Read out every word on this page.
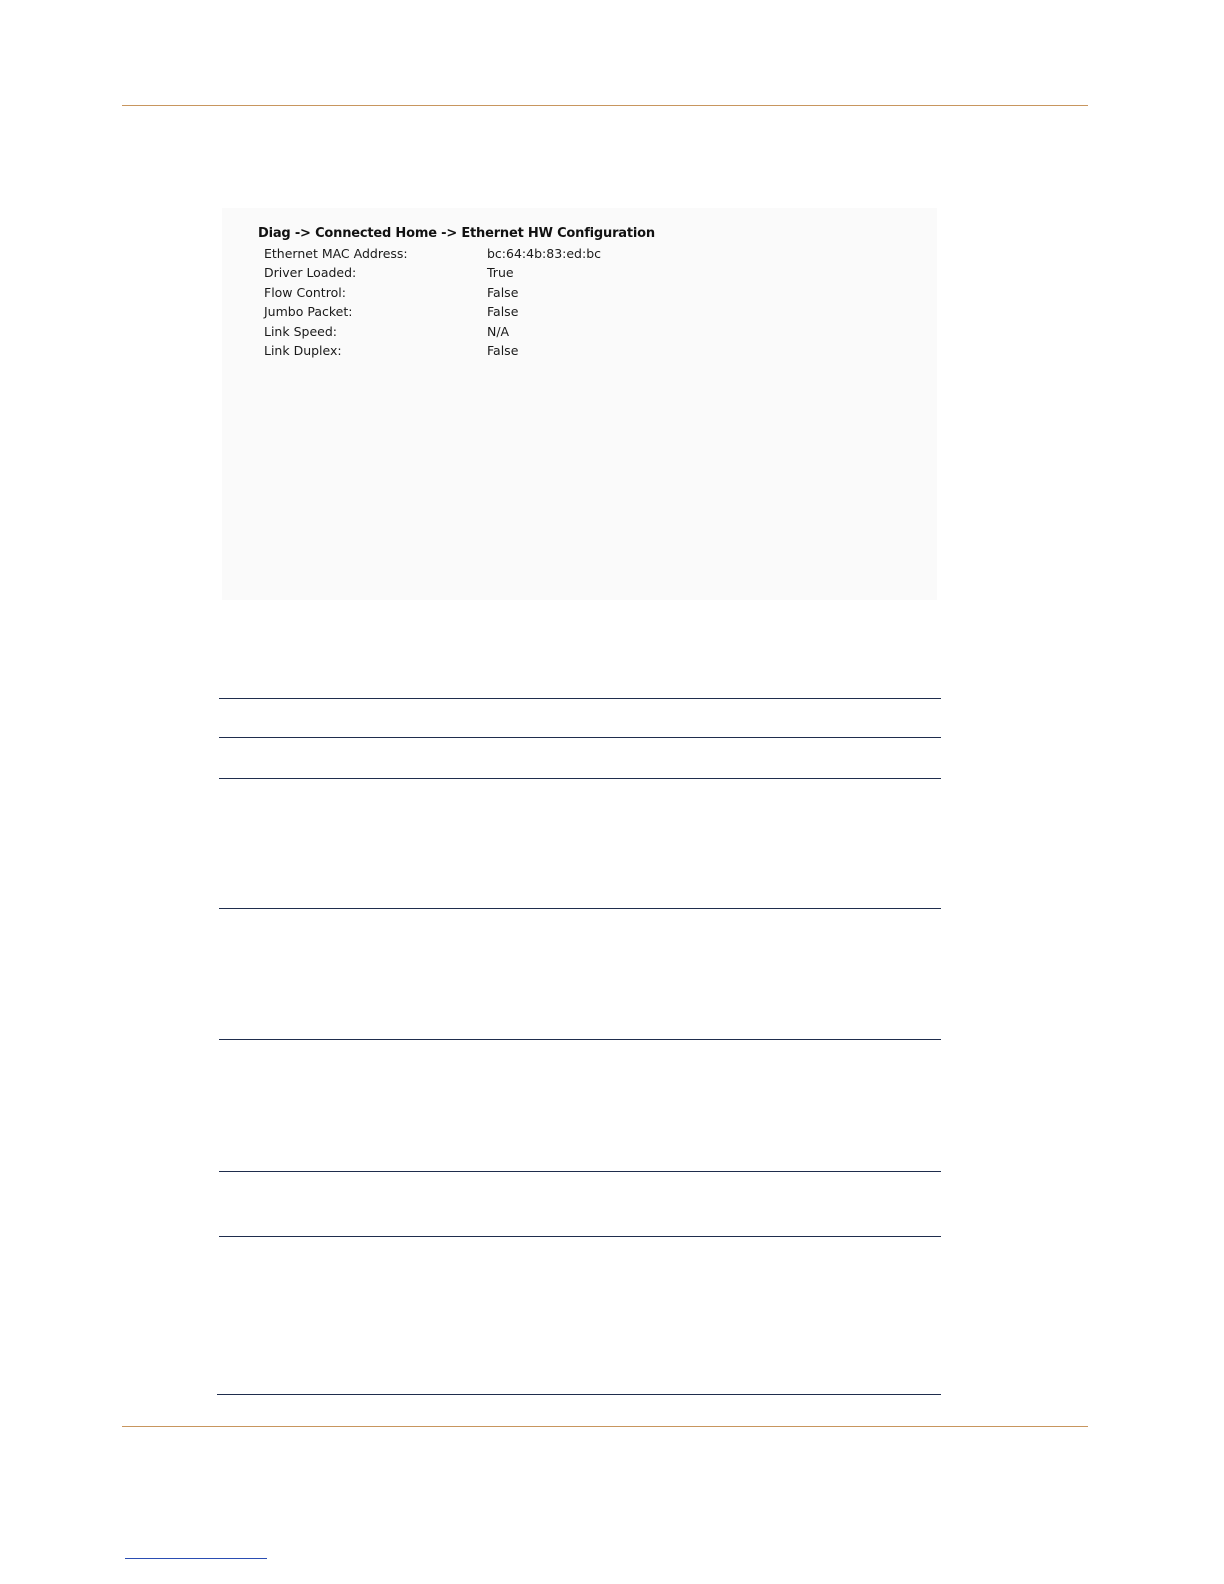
Diag -> Connected Home -> Ethernet HW Configuration
Ethernet MAC Address:	bc:64:4b:83:ed:bc
Driver Loaded:	True
Flow Control:	False
Jumbo Packet:	False
Link Speed:	N/A
Link Duplex:	False
